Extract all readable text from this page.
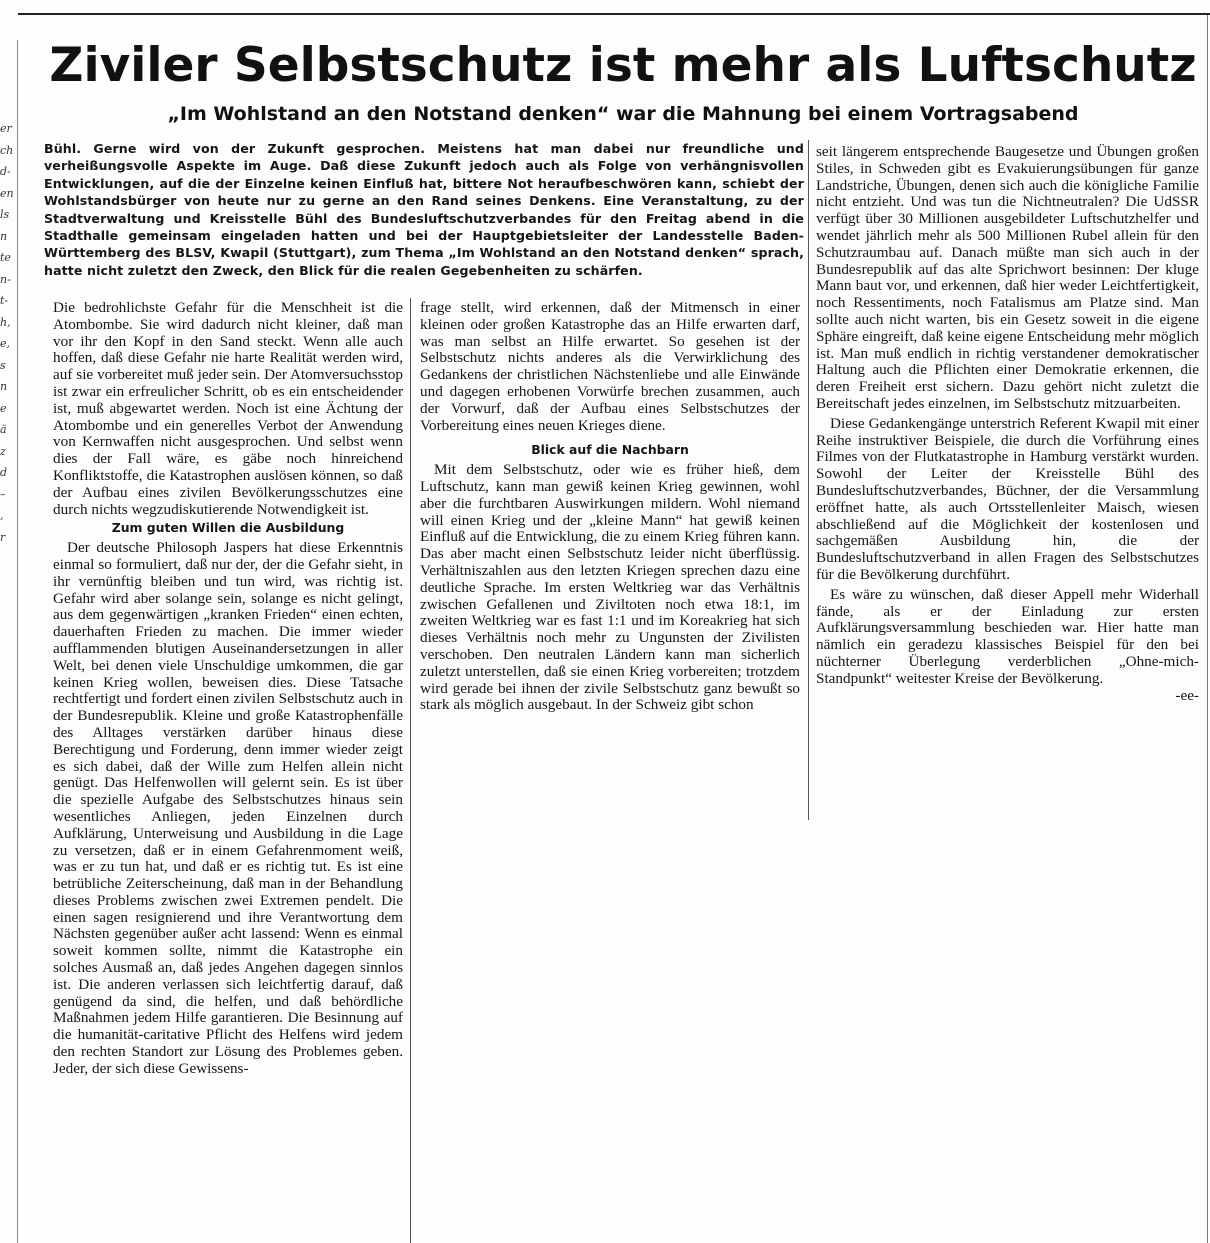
er
ch
d-
en
ls
n
te
n-
t-
h,
e,
s
n
e
ä
z
d
–
,
r
Ziviler Selbstschutz ist mehr als Luftschutz
„Im Wohlstand an den Notstand denken“ war die Mahnung bei einem Vortragsabend

Bühl. Gerne wird von der Zukunft gesprochen. Meistens hat man dabei nur freundliche und verheißungsvolle Aspekte im Auge. Daß diese Zukunft jedoch auch als Folge von verhängnisvollen Entwicklungen, auf die der Einzelne keinen Einfluß hat, bittere Not heraufbeschwören kann, schiebt der Wohlstandsbürger von heute nur zu gerne an den Rand seines Denkens. Eine Veranstaltung, zu der Stadtverwaltung und Kreisstelle Bühl des Bundesluftschutzverbandes für den Freitag abend in die Stadthalle gemeinsam eingeladen hatten und bei der Hauptgebietsleiter der Landesstelle Baden-Württemberg des BLSV, Kwapil (Stuttgart), zum Thema „Im Wohlstand an den Notstand denken“ sprach, hatte nicht zuletzt den Zweck, den Blick für die realen Gegebenheiten zu schärfen.

Die bedrohlichste Gefahr für die Menschheit ist die Atombombe. Sie wird dadurch nicht kleiner, daß man vor ihr den Kopf in den Sand steckt. Wenn alle auch hoffen, daß diese Gefahr nie harte Realität werden wird, auf sie vorbereitet muß jeder sein. Der Atomversuchsstop ist zwar ein erfreulicher Schritt, ob es ein entscheidender ist, muß abgewartet werden. Noch ist eine Ächtung der Atombombe und ein generelles Verbot der Anwendung von Kernwaffen nicht ausgesprochen. Und selbst wenn dies der Fall wäre, es gäbe noch hinreichend Konfliktstoffe, die Katastrophen auslösen können, so daß der Aufbau eines zivilen Bevölkerungsschutzes eine durch nichts wegzudiskutierende Notwendigkeit ist.

Zum guten Willen die Ausbildung

Der deutsche Philosoph Jaspers hat diese Erkenntnis einmal so formuliert, daß nur der, der die Gefahr sieht, in ihr vernünftig bleiben und tun wird, was richtig ist. Gefahr wird aber solange sein, solange es nicht gelingt, aus dem gegenwärtigen „kranken Frieden“ einen echten, dauerhaften Frieden zu machen. Die immer wieder aufflammenden blutigen Auseinandersetzungen in aller Welt, bei denen viele Unschuldige umkommen, die gar keinen Krieg wollen, beweisen dies. Diese Tatsache rechtfertigt und fordert einen zivilen Selbstschutz auch in der Bundesrepublik. Kleine und große Katastrophenfälle des Alltages verstärken darüber hinaus diese Berechtigung und Forderung, denn immer wieder zeigt es sich dabei, daß der Wille zum Helfen allein nicht genügt. Das Helfenwollen will gelernt sein. Es ist über die spezielle Aufgabe des Selbstschutzes hinaus sein wesentliches Anliegen, jeden Einzelnen durch Aufklärung, Unterweisung und Ausbildung in die Lage zu versetzen, daß er in einem Gefahrenmoment weiß, was er zu tun hat, und daß er es richtig tut. Es ist eine betrübliche Zeiterscheinung, daß man in der Behandlung dieses Problems zwischen zwei Extremen pendelt. Die einen sagen resignierend und ihre Verantwortung dem Nächsten gegenüber außer acht lassend: Wenn es einmal soweit kommen sollte, nimmt die Katastrophe ein solches Ausmaß an, daß jedes Angehen dagegen sinnlos ist. Die anderen verlassen sich leichtfertig darauf, daß genügend da sind, die helfen, und daß behördliche Maßnahmen jedem Hilfe garantieren. Die Besinnung auf die humanität-caritative Pflicht des Helfens wird jedem den rechten Standort zur Lösung des Problemes geben. Jeder, der sich diese Gewissens-

frage stellt, wird erkennen, daß der Mitmensch in einer kleinen oder großen Katastrophe das an Hilfe erwarten darf, was man selbst an Hilfe erwartet. So gesehen ist der Selbstschutz nichts anderes als die Verwirklichung des Gedankens der christlichen Nächstenliebe und alle Einwände und dagegen erhobenen Vorwürfe brechen zusammen, auch der Vorwurf, daß der Aufbau eines Selbstschutzes der Vorbereitung eines neuen Krieges diene.

Blick auf die Nachbarn

Mit dem Selbstschutz, oder wie es früher hieß, dem Luftschutz, kann man gewiß keinen Krieg gewinnen, wohl aber die furchtbaren Auswirkungen mildern. Wohl niemand will einen Krieg und der „kleine Mann“ hat gewiß keinen Einfluß auf die Entwicklung, die zu einem Krieg führen kann. Das aber macht einen Selbstschutz leider nicht überflüssig. Verhältniszahlen aus den letzten Kriegen sprechen dazu eine deutliche Sprache. Im ersten Weltkrieg war das Verhältnis zwischen Gefallenen und Ziviltoten noch etwa 18:1, im zweiten Weltkrieg war es fast 1:1 und im Koreakrieg hat sich dieses Verhältnis noch mehr zu Ungunsten der Zivilisten verschoben. Den neutralen Ländern kann man sicherlich zuletzt unterstellen, daß sie einen Krieg vorbereiten; trotzdem wird gerade bei ihnen der zivile Selbstschutz ganz bewußt so stark als möglich ausgebaut. In der Schweiz gibt schon

seit längerem entsprechende Baugesetze und Übungen großen Stiles, in Schweden gibt es Evakuierungsübungen für ganze Landstriche, Übungen, denen sich auch die königliche Familie nicht entzieht. Und was tun die Nichtneutralen? Die UdSSR verfügt über 30 Millionen ausgebildeter Luftschutzhelfer und wendet jährlich mehr als 500 Millionen Rubel allein für den Schutzraumbau auf. Danach müßte man sich auch in der Bundesrepublik auf das alte Sprichwort besinnen: Der kluge Mann baut vor, und erkennen, daß hier weder Leichtfertigkeit, noch Ressentiments, noch Fatalismus am Platze sind. Man sollte auch nicht warten, bis ein Gesetz soweit in die eigene Sphäre eingreift, daß keine eigene Entscheidung mehr möglich ist. Man muß endlich in richtig verstandener demokratischer Haltung auch die Pflichten einer Demokratie erkennen, die deren Freiheit erst sichern. Dazu gehört nicht zuletzt die Bereitschaft jedes einzelnen, im Selbstschutz mitzuarbeiten.

Diese Gedankengänge unterstrich Referent Kwapil mit einer Reihe instruktiver Beispiele, die durch die Vorführung eines Filmes von der Flutkatastrophe in Hamburg verstärkt wurden. Sowohl der Leiter der Kreisstelle Bühl des Bundesluftschutzverbandes, Büchner, der die Versammlung eröffnet hatte, als auch Ortsstellenleiter Maisch, wiesen abschließend auf die Möglichkeit der kostenlosen und sachgemäßen Ausbildung hin, die der Bundesluftschutzverband in allen Fragen des Selbstschutzes für die Bevölkerung durchführt.

Es wäre zu wünschen, daß dieser Appell mehr Widerhall fände, als er der Einladung zur ersten Aufklärungsversammlung beschieden war. Hier hatte man nämlich ein geradezu klassisches Beispiel für den bei nüchterner Überlegung verderblichen „Ohne-mich-Standpunkt“ weitester Kreise der Bevölkerung.

-ee-
